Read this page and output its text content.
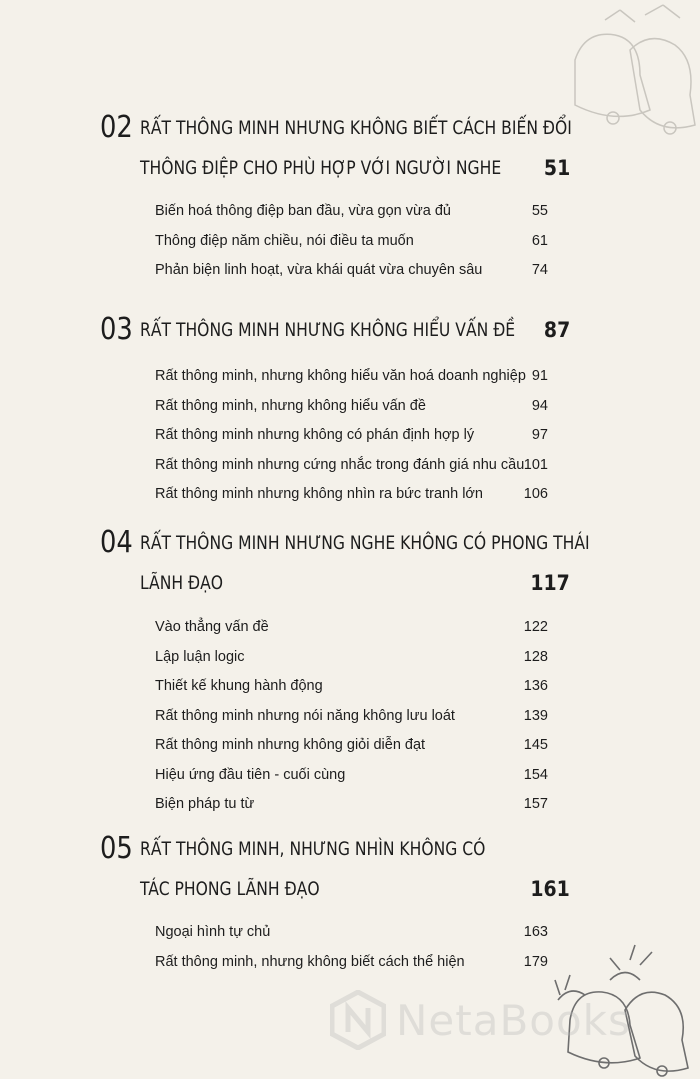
02 RẤT THÔNG MINH NHƯNG KHÔNG BIẾT CÁCH BIẾN ĐỔI
THÔNG ĐIỆP CHO PHÙ HỢP VỚI NGƯỜI NGHE 51
Biến hoá thông điệp ban đầu, vừa gọn vừa đủ	55
Thông điệp năm chiều, nói điều ta muốn	61
Phản biện linh hoạt, vừa khái quát vừa chuyên sâu	74
03 RẤT THÔNG MINH NHƯNG KHÔNG HIỂU VẤN ĐỀ 87
Rất thông minh, nhưng không hiểu văn hoá doanh nghiệp 91
Rất thông minh, nhưng không hiểu vấn đề	94
Rất thông minh nhưng không có phán định hợp lý	97
Rất thông minh nhưng cứng nhắc trong đánh giá nhu cầu 101
Rất thông minh nhưng không nhìn ra bức tranh lớn	106
04 RẤT THÔNG MINH NHƯNG NGHE KHÔNG CÓ PHONG THÁI
LÃNH ĐẠO	117
Vào thẳng vấn đề	122
Lập luận logic	128
Thiết kế khung hành động	136
Rất thông minh nhưng nói năng không lưu loát	139
Rất thông minh nhưng không giỏi diễn đạt	145
Hiệu ứng đầu tiên - cuối cùng	154
Biện pháp tu từ	157
05 RẤT THÔNG MINH, NHƯNG NHÌN KHÔNG CÓ
TÁC PHONG LÃNH ĐẠO	161
Ngoại hình tự chủ	163
Rất thông minh, nhưng không biết cách thể hiện	179
NetaBooks
